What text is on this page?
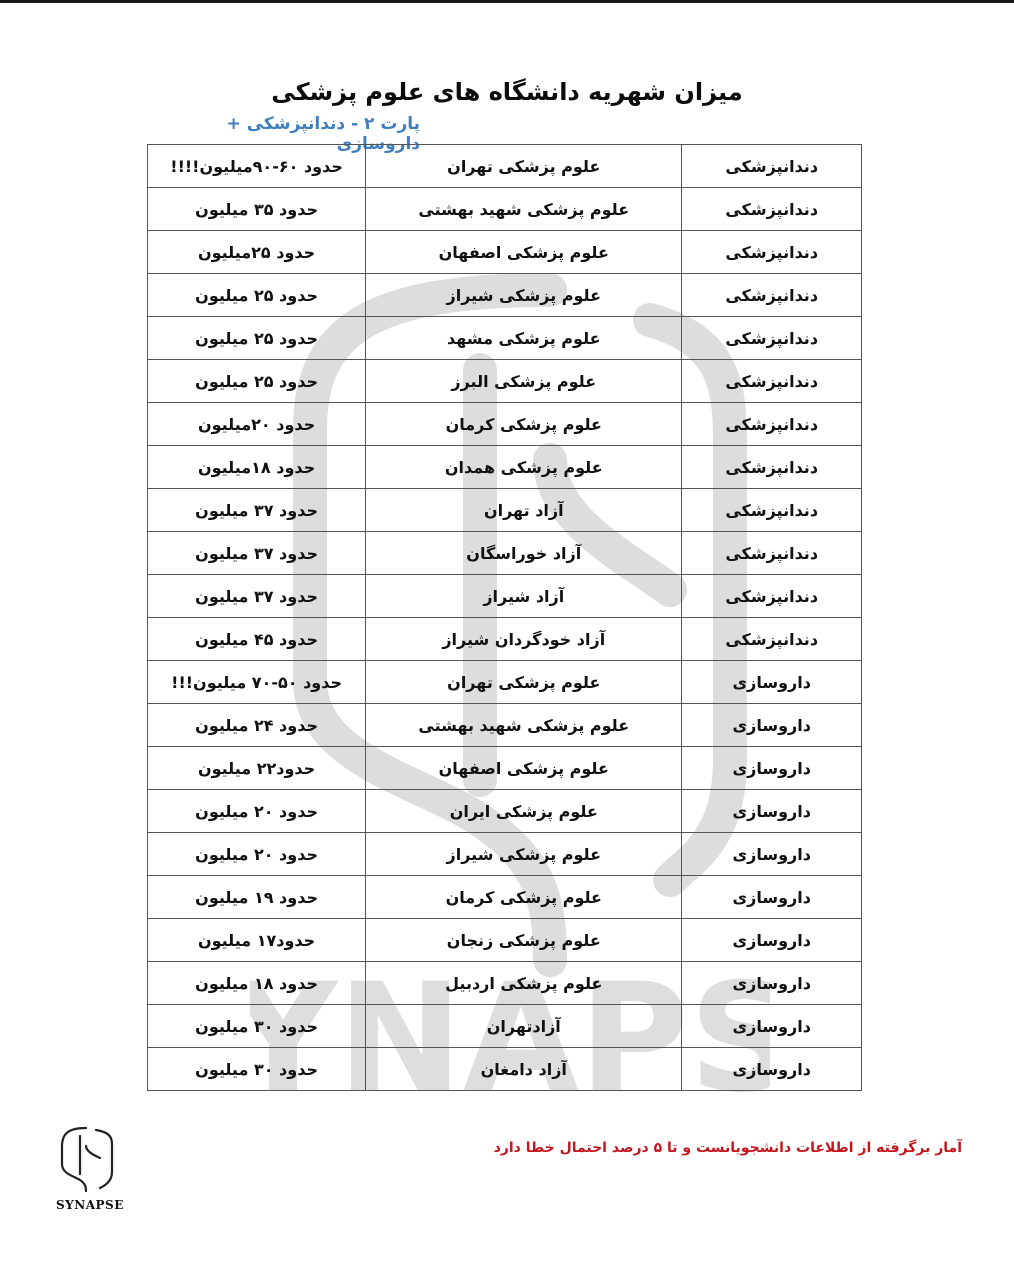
YNAPS
میزان شهریه دانشگاه های علوم پزشکی
پارت ۲ - دندانپزشکی + داروسازی
دندانپزشکی	علوم پزشکی تهران	حدود ۶۰-۹۰میلیون!!!!
دندانپزشکی	علوم پزشکی شهید بهشتی	حدود ۳۵ میلیون
دندانپزشکی	علوم پزشکی اصفهان	حدود ۲۵میلیون
دندانپزشکی	علوم پزشکی شیراز	حدود ۲۵ میلیون
دندانپزشکی	علوم پزشکی مشهد	حدود ۲۵ میلیون
دندانپزشکی	علوم پزشکی البرز	حدود ۲۵ میلیون
دندانپزشکی	علوم پزشکی کرمان	حدود ۲۰میلیون
دندانپزشکی	علوم پزشکی همدان	حدود ۱۸میلیون
دندانپزشکی	آزاد تهران	حدود ۳۷ میلیون
دندانپزشکی	آزاد خوراسگان	حدود ۳۷ میلیون
دندانپزشکی	آزاد شیراز	حدود ۳۷ میلیون
دندانپزشکی	آزاد خودگردان شیراز	حدود ۴۵ میلیون
داروسازی	علوم پزشکی تهران	حدود ۵۰-۷۰ میلیون!!!
داروسازی	علوم پزشکی شهید بهشتی	حدود ۲۴ میلیون
داروسازی	علوم پزشکی اصفهان	حدود۲۲ میلیون
داروسازی	علوم پزشکی ایران	حدود ۲۰ میلیون
داروسازی	علوم پزشکی شیراز	حدود ۲۰ میلیون
داروسازی	علوم پزشکی کرمان	حدود ۱۹ میلیون
داروسازی	علوم پزشکی زنجان	حدود۱۷ میلیون
داروسازی	علوم پزشکی اردبیل	حدود ۱۸ میلیون
داروسازی	آزادتهران	حدود ۳۰ میلیون
داروسازی	آزاد دامغان	حدود ۳۰ میلیون
SYNAPSE
آمار برگرفته از اطلاعات دانشجویانست و تا ۵ درصد احتمال خطا دارد
